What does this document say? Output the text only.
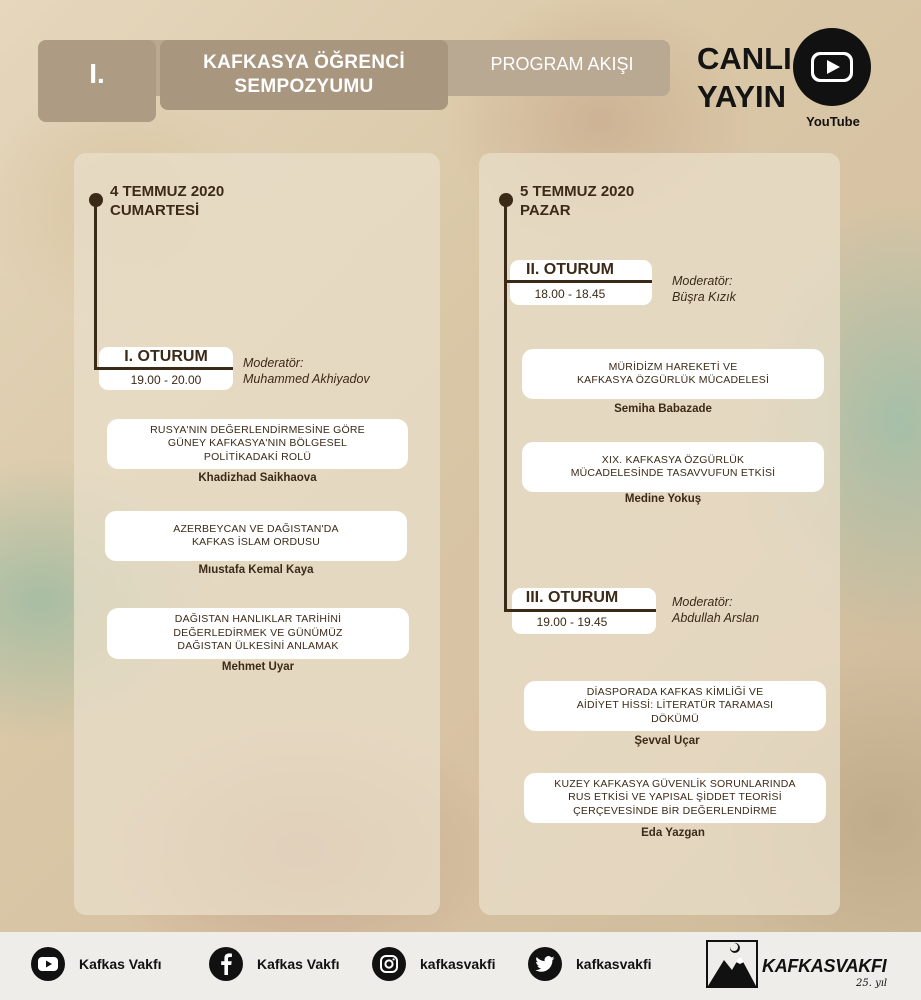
I.	KAFKASYA ÖĞRENCİ
SEMPOZYUMU
PROGRAM AKIŞI	CANLI
YAYIN
YouTube
4 TEMMUZ 2020
CUMARTESİ
I. OTURUM
19.00 - 20.00
Moderatör:
Muhammed Akhiyadov
RUSYA'NIN DEĞERLENDİRMESİNE GÖRE
GÜNEY KAFKASYA'NIN BÖLGESEL
POLİTİKADAKİ ROLÜ
Khadizhad Saikhaova
AZERBEYCAN VE DAĞISTAN'DA
KAFKAS İSLAM ORDUSU
Mıustafa Kemal Kaya
DAĞISTAN HANLIKLAR TARİHİNİ
DEĞERLEDİRMEK VE GÜNÜMÜZ
DAĞISTAN ÜLKESİNİ ANLAMAK
Mehmet Uyar
5 TEMMUZ 2020
PAZAR
II. OTURUM
18.00 - 18.45
Moderatör:
Büşra Kızık
MÜRİDİZM HAREKETİ VE
KAFKASYA ÖZGÜRLÜK MÜCADELESİ
Semiha Babazade
XIX. KAFKASYA ÖZGÜRLÜK
MÜCADELESİNDE TASAVVUFUN ETKİSİ
Medine Yokuş
III. OTURUM
19.00 - 19.45
Moderatör:
Abdullah Arslan
DİASPORADA KAFKAS KİMLİĞİ VE
AİDİYET HİSSİ: LİTERATÜR TARAMASI
DÖKÜMÜ
Şevval Uçar
KUZEY KAFKASYA GÜVENLİK SORUNLARINDA
RUS ETKİSİ VE YAPISAL ŞİDDET TEORİSİ
ÇERÇEVESİNDE BİR DEĞERLENDİRME
Eda Yazgan
Kafkas Vakfı	Kafkas Vakfı	kafkasvakfi	kafkasvakfi	KAFKASVAKFI
25. yıl
